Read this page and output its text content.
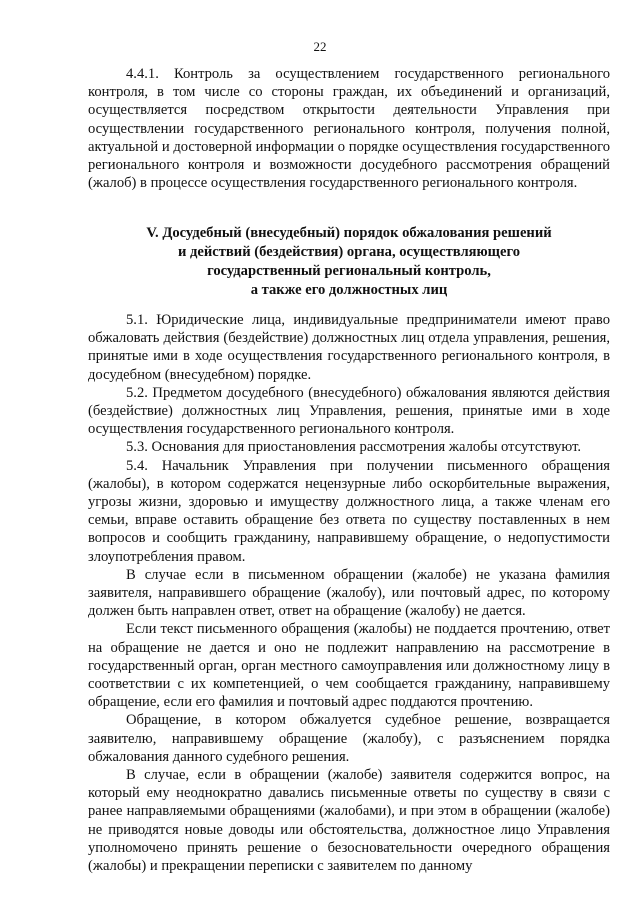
22

4.4.1. Контроль за осуществлением государственного регионального контроля, в том числе со стороны граждан, их объединений и организаций, осуществляется посредством открытости деятельности Управления при осуществлении государственного регионального контроля, получения полной, актуальной и достоверной информации о порядке осуществления государственного регионального контроля и возможности досудебного рассмотрения обращений (жалоб) в процессе осуществления государственного регионального контроля.

V. Досудебный (внесудебный) порядок обжалования решений
и действий (бездействия) органа, осуществляющего
государственный региональный контроль,
а также его должностных лиц

5.1. Юридические лица, индивидуальные предприниматели имеют право обжаловать действия (бездействие) должностных лиц отдела управления, решения, принятые ими в ходе осуществления государственного регионального контроля, в досудебном (внесудебном) порядке.

5.2. Предметом досудебного (внесудебного) обжалования являются действия (бездействие) должностных лиц Управления, решения, принятые ими в ходе осуществления государственного регионального контроля.

5.3. Основания для приостановления рассмотрения жалобы отсутствуют.

5.4. Начальник Управления при получении письменного обращения (жалобы), в котором содержатся нецензурные либо оскорбительные выражения, угрозы жизни, здоровью и имуществу должностного лица, а также членам его семьи, вправе оставить обращение без ответа по существу поставленных в нем вопросов и сообщить гражданину, направившему обращение, о недопустимости злоупотребления правом.

В случае если в письменном обращении (жалобе) не указана фамилия заявителя, направившего обращение (жалобу), или почтовый адрес, по которому должен быть направлен ответ, ответ на обращение (жалобу) не дается.

Если текст письменного обращения (жалобы) не поддается прочтению, ответ на обращение не дается и оно не подлежит направлению на рассмотрение в государственный орган, орган местного самоуправления или должностному лицу в соответствии с их компетенцией, о чем сообщается гражданину, направившему обращение, если его фамилия и почтовый адрес поддаются прочтению.

Обращение, в котором обжалуется судебное решение, возвращается заявителю, направившему обращение (жалобу), с разъяснением порядка обжалования данного судебного решения.

В случае, если в обращении (жалобе) заявителя содержится вопрос, на который ему неоднократно давались письменные ответы по существу в связи с ранее направляемыми обращениями (жалобами), и при этом в обращении (жалобе) не приводятся новые доводы или обстоятельства, должностное лицо Управления уполномочено принять решение о безосновательности очередного обращения (жалобы) и прекращении переписки с заявителем по данному
